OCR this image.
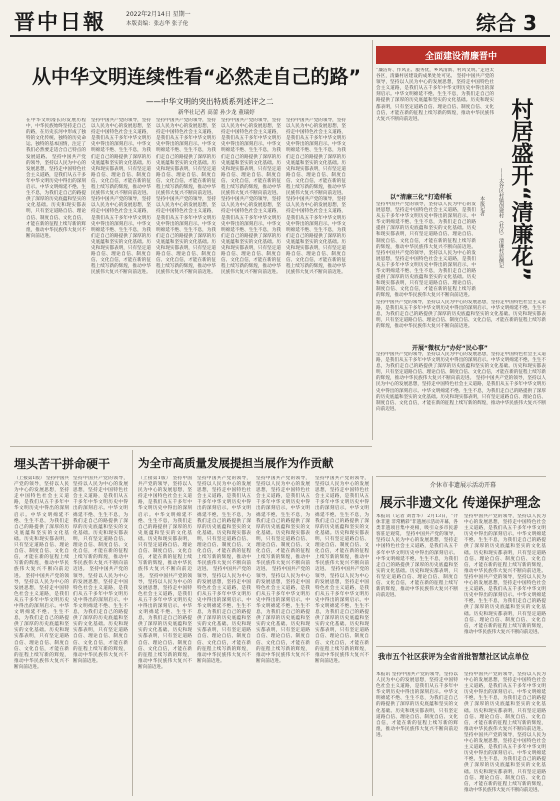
晋中日報	2022年2月14日 星期一
本版责编：张志华 张子伦	综合 3
从中华文明连续性看“必然走自己的路”
——中华文明的突出特质系列述评之二
新华社记者 高蕾 孙少龙 董瑞婷
在中华文明漫长的发展历程中，中华民族始终坚持走自己的路，在历史长河中形成了独特的文化传统、独特的历史命运、独特的基本国情，注定了我们必然要走适合自己特点的发展道路。 坚持中国共产党的领导，坚持以人民为中心的发展思想，坚持走中国特色社会主义道路，是我们从五千多年中华文明历史中得出的深刻启示。中华文明绵延不绝、生生不息，为我们走自己的路提供了深厚的历史底蕴和坚实的文化基础。历史和现实都表明，只有坚定道路自信、理论自信、制度自信、文化自信，才能在新的征程上续写新的辉煌，推动中华民族伟大复兴不断向前迈进。
坚持中国共产党的领导，坚持以人民为中心的发展思想，坚持走中国特色社会主义道路，是我们从五千多年中华文明历史中得出的深刻启示。中华文明绵延不绝、生生不息，为我们走自己的路提供了深厚的历史底蕴和坚实的文化基础。历史和现实都表明，只有坚定道路自信、理论自信、制度自信、文化自信，才能在新的征程上续写新的辉煌，推动中华民族伟大复兴不断向前迈进。 坚持中国共产党的领导，坚持以人民为中心的发展思想，坚持走中国特色社会主义道路，是我们从五千多年中华文明历史中得出的深刻启示。中华文明绵延不绝、生生不息，为我们走自己的路提供了深厚的历史底蕴和坚实的文化基础。历史和现实都表明，只有坚定道路自信、理论自信、制度自信、文化自信，才能在新的征程上续写新的辉煌，推动中华民族伟大复兴不断向前迈进。
坚持中国共产党的领导，坚持以人民为中心的发展思想，坚持走中国特色社会主义道路，是我们从五千多年中华文明历史中得出的深刻启示。中华文明绵延不绝、生生不息，为我们走自己的路提供了深厚的历史底蕴和坚实的文化基础。历史和现实都表明，只有坚定道路自信、理论自信、制度自信、文化自信，才能在新的征程上续写新的辉煌，推动中华民族伟大复兴不断向前迈进。 坚持中国共产党的领导，坚持以人民为中心的发展思想，坚持走中国特色社会主义道路，是我们从五千多年中华文明历史中得出的深刻启示。中华文明绵延不绝、生生不息，为我们走自己的路提供了深厚的历史底蕴和坚实的文化基础。历史和现实都表明，只有坚定道路自信、理论自信、制度自信、文化自信，才能在新的征程上续写新的辉煌，推动中华民族伟大复兴不断向前迈进。
坚持中国共产党的领导，坚持以人民为中心的发展思想，坚持走中国特色社会主义道路，是我们从五千多年中华文明历史中得出的深刻启示。中华文明绵延不绝、生生不息，为我们走自己的路提供了深厚的历史底蕴和坚实的文化基础。历史和现实都表明，只有坚定道路自信、理论自信、制度自信、文化自信，才能在新的征程上续写新的辉煌，推动中华民族伟大复兴不断向前迈进。 坚持中国共产党的领导，坚持以人民为中心的发展思想，坚持走中国特色社会主义道路，是我们从五千多年中华文明历史中得出的深刻启示。中华文明绵延不绝、生生不息，为我们走自己的路提供了深厚的历史底蕴和坚实的文化基础。历史和现实都表明，只有坚定道路自信、理论自信、制度自信、文化自信，才能在新的征程上续写新的辉煌，推动中华民族伟大复兴不断向前迈进。
坚持中国共产党的领导，坚持以人民为中心的发展思想，坚持走中国特色社会主义道路，是我们从五千多年中华文明历史中得出的深刻启示。中华文明绵延不绝、生生不息，为我们走自己的路提供了深厚的历史底蕴和坚实的文化基础。历史和现实都表明，只有坚定道路自信、理论自信、制度自信、文化自信，才能在新的征程上续写新的辉煌，推动中华民族伟大复兴不断向前迈进。 坚持中国共产党的领导，坚持以人民为中心的发展思想，坚持走中国特色社会主义道路，是我们从五千多年中华文明历史中得出的深刻启示。中华文明绵延不绝、生生不息，为我们走自己的路提供了深厚的历史底蕴和坚实的文化基础。历史和现实都表明，只有坚定道路自信、理论自信、制度自信、文化自信，才能在新的征程上续写新的辉煌，推动中华民族伟大复兴不断向前迈进。
全面建设清廉晋中
“廉洁好、作风正、服务优，乡风清新、村风文明。”走进太谷区，清廉村居建设的成果处处可见。 坚持中国共产党的领导，坚持以人民为中心的发展思想，坚持走中国特色社会主义道路，是我们从五千多年中华文明历史中得出的深刻启示。中华文明绵延不绝、生生不息，为我们走自己的路提供了深厚的历史底蕴和坚实的文化基础。历史和现实都表明，只有坚定道路自信、理论自信、制度自信、文化自信，才能在新的征程上续写新的辉煌，推动中华民族伟大复兴不断向前迈进。	村居盛开“清廉花”
——太谷区村镇创建村（社区）清廉村居侧记
本报记者
以“清廉三化”打造样板
坚持中国共产党的领导，坚持以人民为中心的发展思想，坚持走中国特色社会主义道路，是我们从五千多年中华文明历史中得出的深刻启示。中华文明绵延不绝、生生不息，为我们走自己的路提供了深厚的历史底蕴和坚实的文化基础。历史和现实都表明，只有坚定道路自信、理论自信、制度自信、文化自信，才能在新的征程上续写新的辉煌，推动中华民族伟大复兴不断向前迈进。 坚持中国共产党的领导，坚持以人民为中心的发展思想，坚持走中国特色社会主义道路，是我们从五千多年中华文明历史中得出的深刻启示。中华文明绵延不绝、生生不息，为我们走自己的路提供了深厚的历史底蕴和坚实的文化基础。历史和现实都表明，只有坚定道路自信、理论自信、制度自信、文化自信，才能在新的征程上续写新的辉煌，推动中华民族伟大复兴不断向前迈进。
开展“微权力”办好“民心事”
坚持中国共产党的领导，坚持以人民为中心的发展思想，坚持走中国特色社会主义道路，是我们从五千多年中华文明历史中得出的深刻启示。中华文明绵延不绝、生生不息，为我们走自己的路提供了深厚的历史底蕴和坚实的文化基础。历史和现实都表明，只有坚定道路自信、理论自信、制度自信、文化自信，才能在新的征程上续写新的辉煌，推动中华民族伟大复兴不断向前迈进。
坚持中国共产党的领导，坚持以人民为中心的发展思想，坚持走中国特色社会主义道路，是我们从五千多年中华文明历史中得出的深刻启示。中华文明绵延不绝、生生不息，为我们走自己的路提供了深厚的历史底蕴和坚实的文化基础。历史和现实都表明，只有坚定道路自信、理论自信、制度自信、文化自信，才能在新的征程上续写新的辉煌，推动中华民族伟大复兴不断向前迈进。 坚持中国共产党的领导，坚持以人民为中心的发展思想，坚持走中国特色社会主义道路，是我们从五千多年中华文明历史中得出的深刻启示。中华文明绵延不绝、生生不息，为我们走自己的路提供了深厚的历史底蕴和坚实的文化基础。历史和现实都表明，只有坚定道路自信、理论自信、制度自信、文化自信，才能在新的征程上续写新的辉煌，推动中华民族伟大复兴不断向前迈进。
介休市非遗展示活动开幕
展示非遗文化 传递保护理念
本报讯（记者 刘晋华） 2月13日，“介休非遗 非常精彩”非遗展示活动开幕，各类非遗项目集中亮相，吸引众多市民游客驻足观赏。 坚持中国共产党的领导，坚持以人民为中心的发展思想，坚持走中国特色社会主义道路，是我们从五千多年中华文明历史中得出的深刻启示。中华文明绵延不绝、生生不息，为我们走自己的路提供了深厚的历史底蕴和坚实的文化基础。历史和现实都表明，只有坚定道路自信、理论自信、制度自信、文化自信，才能在新的征程上续写新的辉煌，推动中华民族伟大复兴不断向前迈进。
坚持中国共产党的领导，坚持以人民为中心的发展思想，坚持走中国特色社会主义道路，是我们从五千多年中华文明历史中得出的深刻启示。中华文明绵延不绝、生生不息，为我们走自己的路提供了深厚的历史底蕴和坚实的文化基础。历史和现实都表明，只有坚定道路自信、理论自信、制度自信、文化自信，才能在新的征程上续写新的辉煌，推动中华民族伟大复兴不断向前迈进。 坚持中国共产党的领导，坚持以人民为中心的发展思想，坚持走中国特色社会主义道路，是我们从五千多年中华文明历史中得出的深刻启示。中华文明绵延不绝、生生不息，为我们走自己的路提供了深厚的历史底蕴和坚实的文化基础。历史和现实都表明，只有坚定道路自信、理论自信、制度自信、文化自信，才能在新的征程上续写新的辉煌，推动中华民族伟大复兴不断向前迈进。
埋头苦干拼命硬干
（上接第1版） 坚持中国共产党的领导，坚持以人民为中心的发展思想，坚持走中国特色社会主义道路，是我们从五千多年中华文明历史中得出的深刻启示。中华文明绵延不绝、生生不息，为我们走自己的路提供了深厚的历史底蕴和坚实的文化基础。历史和现实都表明，只有坚定道路自信、理论自信、制度自信、文化自信，才能在新的征程上续写新的辉煌，推动中华民族伟大复兴不断向前迈进。 坚持中国共产党的领导，坚持以人民为中心的发展思想，坚持走中国特色社会主义道路，是我们从五千多年中华文明历史中得出的深刻启示。中华文明绵延不绝、生生不息，为我们走自己的路提供了深厚的历史底蕴和坚实的文化基础。历史和现实都表明，只有坚定道路自信、理论自信、制度自信、文化自信，才能在新的征程上续写新的辉煌，推动中华民族伟大复兴不断向前迈进。
坚持中国共产党的领导，坚持以人民为中心的发展思想，坚持走中国特色社会主义道路，是我们从五千多年中华文明历史中得出的深刻启示。中华文明绵延不绝、生生不息，为我们走自己的路提供了深厚的历史底蕴和坚实的文化基础。历史和现实都表明，只有坚定道路自信、理论自信、制度自信、文化自信，才能在新的征程上续写新的辉煌，推动中华民族伟大复兴不断向前迈进。 坚持中国共产党的领导，坚持以人民为中心的发展思想，坚持走中国特色社会主义道路，是我们从五千多年中华文明历史中得出的深刻启示。中华文明绵延不绝、生生不息，为我们走自己的路提供了深厚的历史底蕴和坚实的文化基础。历史和现实都表明，只有坚定道路自信、理论自信、制度自信、文化自信，才能在新的征程上续写新的辉煌，推动中华民族伟大复兴不断向前迈进。
为全市高质量发展提担当展作为作贡献
（上接第1版） 坚持中国共产党的领导，坚持以人民为中心的发展思想，坚持走中国特色社会主义道路，是我们从五千多年中华文明历史中得出的深刻启示。中华文明绵延不绝、生生不息，为我们走自己的路提供了深厚的历史底蕴和坚实的文化基础。历史和现实都表明，只有坚定道路自信、理论自信、制度自信、文化自信，才能在新的征程上续写新的辉煌，推动中华民族伟大复兴不断向前迈进。 坚持中国共产党的领导，坚持以人民为中心的发展思想，坚持走中国特色社会主义道路，是我们从五千多年中华文明历史中得出的深刻启示。中华文明绵延不绝、生生不息，为我们走自己的路提供了深厚的历史底蕴和坚实的文化基础。历史和现实都表明，只有坚定道路自信、理论自信、制度自信、文化自信，才能在新的征程上续写新的辉煌，推动中华民族伟大复兴不断向前迈进。
坚持中国共产党的领导，坚持以人民为中心的发展思想，坚持走中国特色社会主义道路，是我们从五千多年中华文明历史中得出的深刻启示。中华文明绵延不绝、生生不息，为我们走自己的路提供了深厚的历史底蕴和坚实的文化基础。历史和现实都表明，只有坚定道路自信、理论自信、制度自信、文化自信，才能在新的征程上续写新的辉煌，推动中华民族伟大复兴不断向前迈进。 坚持中国共产党的领导，坚持以人民为中心的发展思想，坚持走中国特色社会主义道路，是我们从五千多年中华文明历史中得出的深刻启示。中华文明绵延不绝、生生不息，为我们走自己的路提供了深厚的历史底蕴和坚实的文化基础。历史和现实都表明，只有坚定道路自信、理论自信、制度自信、文化自信，才能在新的征程上续写新的辉煌，推动中华民族伟大复兴不断向前迈进。
坚持中国共产党的领导，坚持以人民为中心的发展思想，坚持走中国特色社会主义道路，是我们从五千多年中华文明历史中得出的深刻启示。中华文明绵延不绝、生生不息，为我们走自己的路提供了深厚的历史底蕴和坚实的文化基础。历史和现实都表明，只有坚定道路自信、理论自信、制度自信、文化自信，才能在新的征程上续写新的辉煌，推动中华民族伟大复兴不断向前迈进。 坚持中国共产党的领导，坚持以人民为中心的发展思想，坚持走中国特色社会主义道路，是我们从五千多年中华文明历史中得出的深刻启示。中华文明绵延不绝、生生不息，为我们走自己的路提供了深厚的历史底蕴和坚实的文化基础。历史和现实都表明，只有坚定道路自信、理论自信、制度自信、文化自信，才能在新的征程上续写新的辉煌，推动中华民族伟大复兴不断向前迈进。
坚持中国共产党的领导，坚持以人民为中心的发展思想，坚持走中国特色社会主义道路，是我们从五千多年中华文明历史中得出的深刻启示。中华文明绵延不绝、生生不息，为我们走自己的路提供了深厚的历史底蕴和坚实的文化基础。历史和现实都表明，只有坚定道路自信、理论自信、制度自信、文化自信，才能在新的征程上续写新的辉煌，推动中华民族伟大复兴不断向前迈进。 坚持中国共产党的领导，坚持以人民为中心的发展思想，坚持走中国特色社会主义道路，是我们从五千多年中华文明历史中得出的深刻启示。中华文明绵延不绝、生生不息，为我们走自己的路提供了深厚的历史底蕴和坚实的文化基础。历史和现实都表明，只有坚定道路自信、理论自信、制度自信、文化自信，才能在新的征程上续写新的辉煌，推动中华民族伟大复兴不断向前迈进。
我市五个社区获评为全省首批智慧社区试点单位
本报讯 坚持中国共产党的领导，坚持以人民为中心的发展思想，坚持走中国特色社会主义道路，是我们从五千多年中华文明历史中得出的深刻启示。中华文明绵延不绝、生生不息，为我们走自己的路提供了深厚的历史底蕴和坚实的文化基础。历史和现实都表明，只有坚定道路自信、理论自信、制度自信、文化自信，才能在新的征程上续写新的辉煌，推动中华民族伟大复兴不断向前迈进。
坚持中国共产党的领导，坚持以人民为中心的发展思想，坚持走中国特色社会主义道路，是我们从五千多年中华文明历史中得出的深刻启示。中华文明绵延不绝、生生不息，为我们走自己的路提供了深厚的历史底蕴和坚实的文化基础。历史和现实都表明，只有坚定道路自信、理论自信、制度自信、文化自信，才能在新的征程上续写新的辉煌，推动中华民族伟大复兴不断向前迈进。 坚持中国共产党的领导，坚持以人民为中心的发展思想，坚持走中国特色社会主义道路，是我们从五千多年中华文明历史中得出的深刻启示。中华文明绵延不绝、生生不息，为我们走自己的路提供了深厚的历史底蕴和坚实的文化基础。历史和现实都表明，只有坚定道路自信、理论自信、制度自信、文化自信，才能在新的征程上续写新的辉煌，推动中华民族伟大复兴不断向前迈进。
